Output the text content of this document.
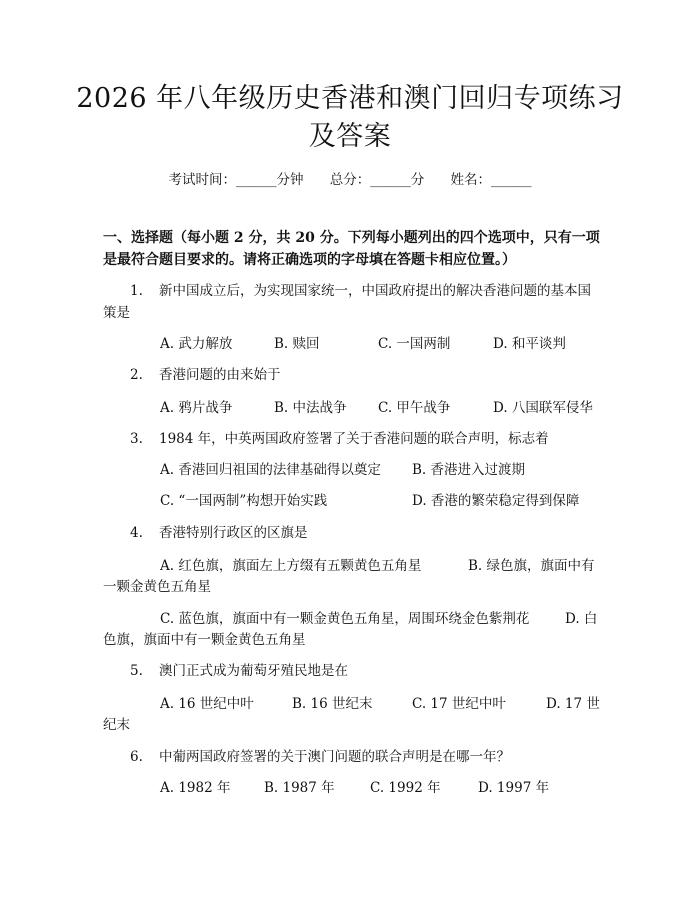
2026 年八年级历史香港和澳门回归专项练习
及答案
考试时间：______分钟 总分：______分 姓名：______
一、选择题（每小题 2 分，共 20 分。下列每小题列出的四个选项中，只有一项是最符合题目要求的。请将正确选项的字母填在答题卡相应位置。）
1. 新中国成立后，为实现国家统一，中国政府提出的解决香港问题的基本国
策是
A. 武力解放	B. 赎回	C. 一国两制	D. 和平谈判
2. 香港问题的由来始于
A. 鸦片战争	B. 中法战争 C. 甲午战争	D. 八国联军侵华
3. 1984 年，中英两国政府签署了关于香港问题的联合声明，标志着
A. 香港回归祖国的法律基础得以奠定 B. 香港进入过渡期
C. “一国两制”构想开始实践	D. 香港的繁荣稳定得到保障
4. 香港特别行政区的区旗是
A. 红色旗，旗面左上方缀有五颗黄色五角星	B. 绿色旗，旗面中有
一颗金黄色五角星
C. 蓝色旗，旗面中有一颗金黄色五角星，周围环绕金色紫荆花	D. 白
色旗，旗面中有一颗金黄色五角星
5. 澳门正式成为葡萄牙殖民地是在
A. 16 世纪中叶	B. 16 世纪末	C. 17 世纪中叶	D. 17 世
纪末
6. 中葡两国政府签署的关于澳门问题的联合声明是在哪一年？
A. 1982 年 B. 1987 年	C. 1992 年	D. 1997 年
